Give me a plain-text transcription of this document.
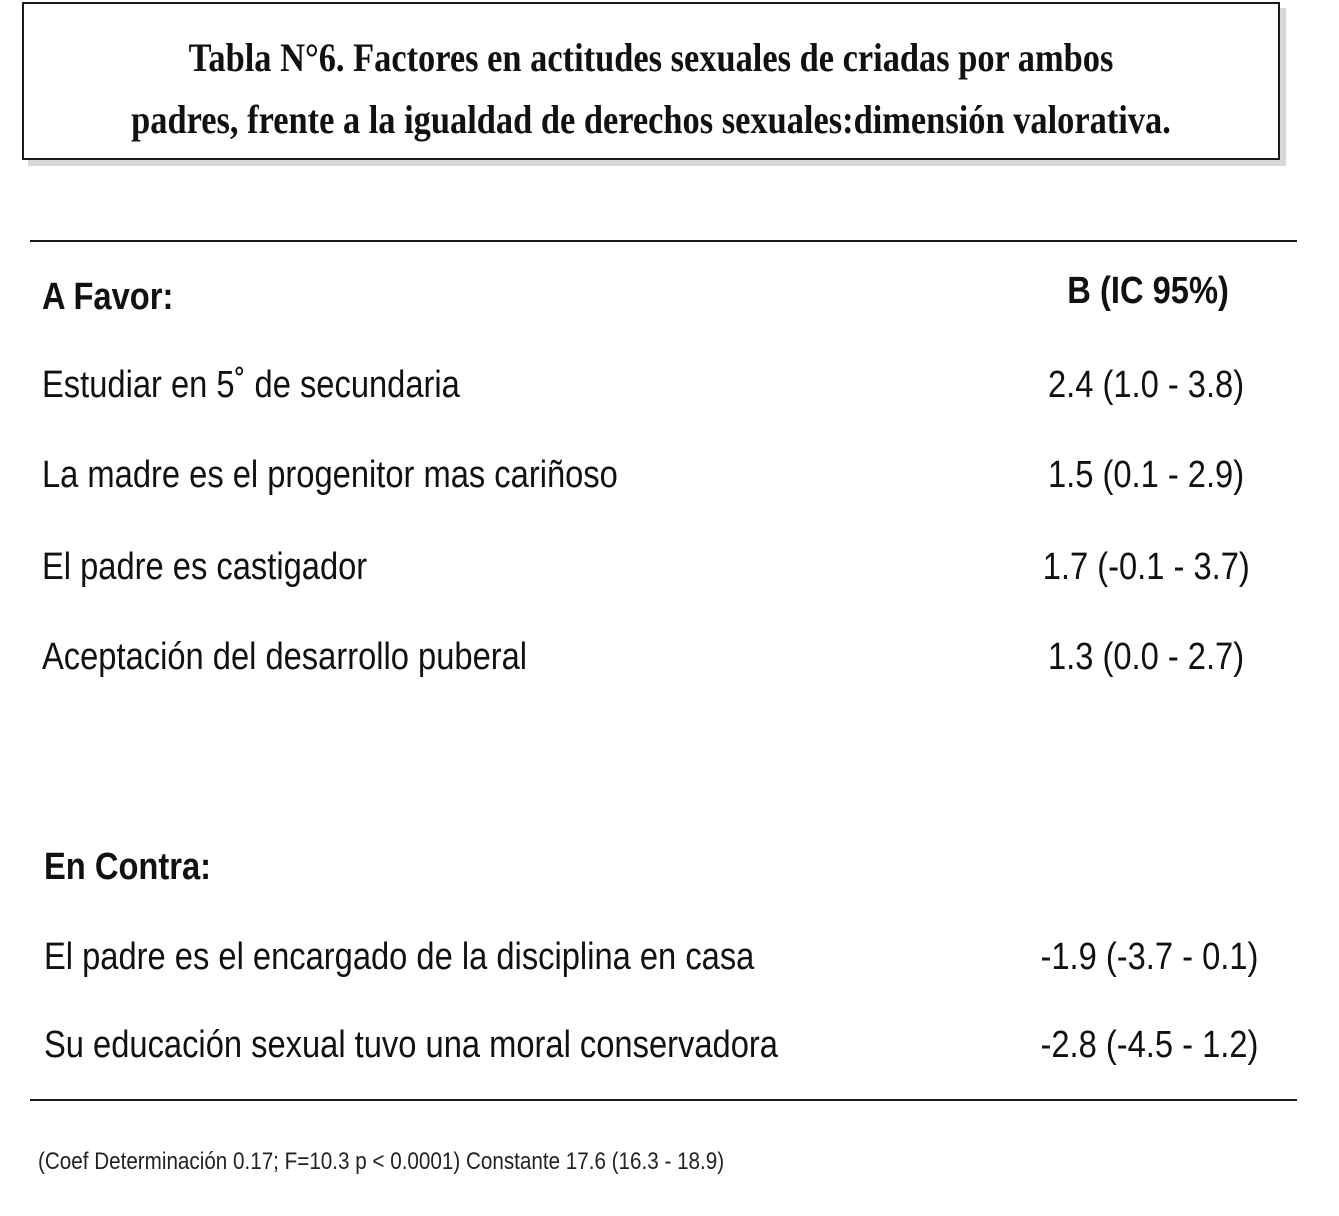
Tabla N°6. Factores en actitudes sexuales de criadas por ambos
padres, frente a la igualdad de derechos sexuales:dimensión valorativa.
A Favor:	B (IC 95%)
Estudiar en 5˚ de secundaria	2.4 (1.0 - 3.8)
La madre es el progenitor mas cariñoso	1.5 (0.1 - 2.9)
El padre es castigador	1.7 (-0.1 - 3.7)
Aceptación del desarrollo puberal	1.3 (0.0 - 2.7)
En Contra:
El padre es el encargado de la disciplina en casa	-1.9 (-3.7 - 0.1)
Su educación sexual tuvo una moral conservadora	-2.8 (-4.5 - 1.2)
(Coef Determinación 0.17; F=10.3 p < 0.0001) Constante 17.6 (16.3 - 18.9)
